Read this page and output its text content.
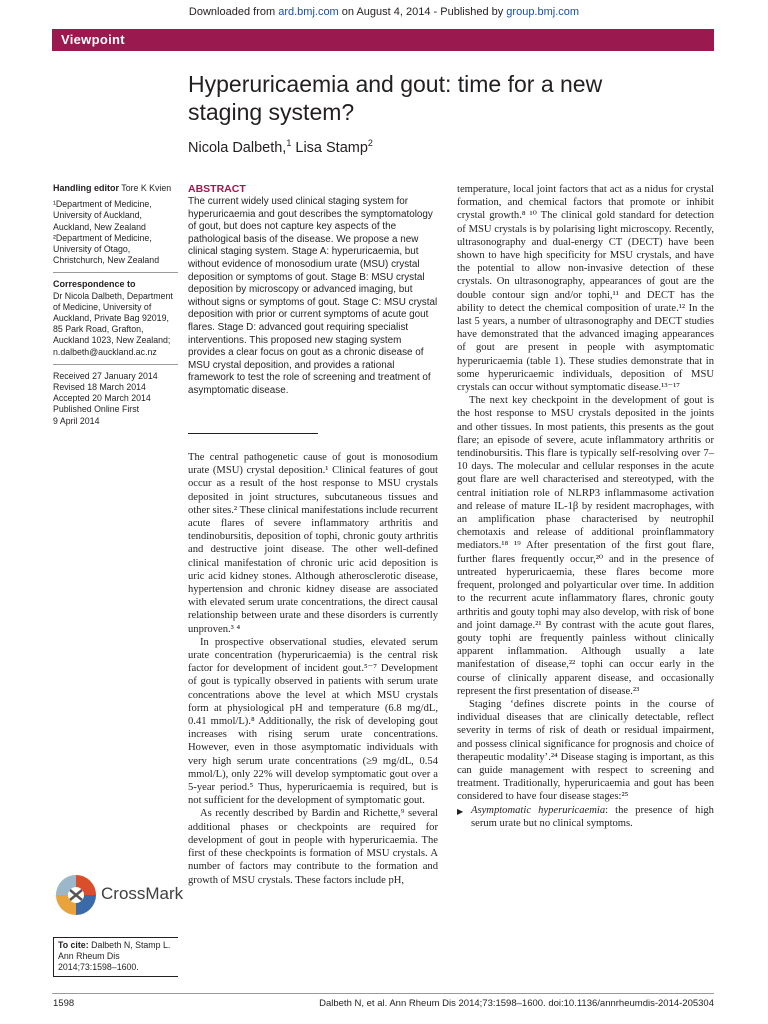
Downloaded from ard.bmj.com on August 4, 2014 - Published by group.bmj.com
Viewpoint
Hyperuricaemia and gout: time for a new staging system?
Nicola Dalbeth,$^1$ Lisa Stamp$^2$
Handling editor Tore K Kvien
¹Department of Medicine, University of Auckland, Auckland, New Zealand
²Department of Medicine, University of Otago, Christchurch, New Zealand
Correspondence to
Dr Nicola Dalbeth, Department of Medicine, University of Auckland, Private Bag 92019, 85 Park Road, Grafton, Auckland 1023, New Zealand; n.dalbeth@auckland.ac.nz
Received 27 January 2014
Revised 18 March 2014
Accepted 20 March 2014
Published Online First
9 April 2014
ABSTRACT
The current widely used clinical staging system for hyperuricaemia and gout describes the symptomatology of gout, but does not capture key aspects of the pathological basis of the disease. We propose a new clinical staging system. Stage A: hyperuricaemia, but without evidence of monosodium urate (MSU) crystal deposition or symptoms of gout. Stage B: MSU crystal deposition by microscopy or advanced imaging, but without signs or symptoms of gout. Stage C: MSU crystal deposition with prior or current symptoms of acute gout flares. Stage D: advanced gout requiring specialist interventions. This proposed new staging system provides a clear focus on gout as a chronic disease of MSU crystal deposition, and provides a rational framework to test the role of screening and treatment of asymptomatic disease.

The central pathogenetic cause of gout is monosodium urate (MSU) crystal deposition.¹ Clinical features of gout occur as a result of the host response to MSU crystals deposited in joint structures, subcutaneous tissues and other sites.² These clinical manifestations include recurrent acute flares of severe inflammatory arthritis and tendinobursitis, deposition of tophi, chronic gouty arthritis and destructive joint disease. The other well-defined clinical manifestation of chronic uric acid deposition is uric acid kidney stones. Although atherosclerotic disease, hypertension and chronic kidney disease are associated with elevated serum urate concentrations, the direct causal relationship between urate and these disorders is currently unproven.³ ⁴

In prospective observational studies, elevated serum urate concentration (hyperuricaemia) is the central risk factor for development of incident gout.⁵⁻⁷ Development of gout is typically observed in patients with serum urate concentrations above the level at which MSU crystals form at physiological pH and temperature (6.8 mg/dL, 0.41 mmol/L).⁸ Additionally, the risk of developing gout increases with rising serum urate concentrations. However, even in those asymptomatic individuals with very high serum urate concentrations (≥9 mg/dL, 0.54 mmol/L), only 22% will develop symptomatic gout over a 5-year period.⁵ Thus, hyperuricaemia is required, but is not sufficient for the development of symptomatic gout.

As recently described by Bardin and Richette,⁹ several additional phases or checkpoints are required for development of gout in people with hyperuricaemia. The first of these checkpoints is formation of MSU crystals. A number of factors may contribute to the formation and growth of MSU crystals. These factors include pH,

temperature, local joint factors that act as a nidus for crystal formation, and chemical factors that promote or inhibit crystal growth.⁸ ¹⁰ The clinical gold standard for detection of MSU crystals is by polarising light microscopy. Recently, ultrasonography and dual-energy CT (DECT) have been shown to have high specificity for MSU crystals, and have the potential to allow non-invasive detection of these crystals. On ultrasonography, appearances of gout are the double contour sign and/or tophi,¹¹ and DECT has the ability to detect the chemical composition of urate.¹² In the last 5 years, a number of ultrasonography and DECT studies have demonstrated that the advanced imaging appearances of gout are present in people with asymptomatic hyperuricaemia (table 1). These studies demonstrate that in some hyperuricaemic individuals, deposition of MSU crystals can occur without symptomatic disease.¹³⁻¹⁷

The next key checkpoint in the development of gout is the host response to MSU crystals deposited in the joints and other tissues. In most patients, this presents as the gout flare; an episode of severe, acute inflammatory arthritis or tendinobursitis. This flare is typically self-resolving over 7–10 days. The molecular and cellular responses in the acute gout flare are well characterised and stereotyped, with the central initiation role of NLRP3 inflammasome activation and release of mature IL-1β by resident macrophages, with an amplification phase characterised by neutrophil chemotaxis and release of additional proinflammatory mediators.¹⁸ ¹⁹ After presentation of the first gout flare, further flares frequently occur,²⁰ and in the presence of untreated hyperuricaemia, these flares become more frequent, prolonged and polyarticular over time. In addition to the recurrent acute inflammatory flares, chronic gouty arthritis and gouty tophi may also develop, with risk of bone and joint damage.²¹ By contrast with the acute gout flares, gouty tophi are frequently painless without clinically apparent inflammation. Although usually a late manifestation of disease,²² tophi can occur early in the course of clinically apparent disease, and occasionally represent the first presentation of disease.²³

Staging ‘defines discrete points in the course of individual diseases that are clinically detectable, reflect severity in terms of risk of death or residual impairment, and possess clinical significance for prognosis and choice of therapeutic modality’.²⁴ Disease staging is important, as this can guide management with respect to screening and treatment. Traditionally, hyperuricaemia and gout has been considered to have four disease stages:²⁵

▶ Asymptomatic hyperuricaemia: the presence of high serum urate but no clinical symptoms.

CrossMark
To cite: Dalbeth N, Stamp L. Ann Rheum Dis 2014;73:1598–1600.
1598	Dalbeth N, et al. Ann Rheum Dis 2014;73:1598–1600. doi:10.1136/annrheumdis-2014-205304
